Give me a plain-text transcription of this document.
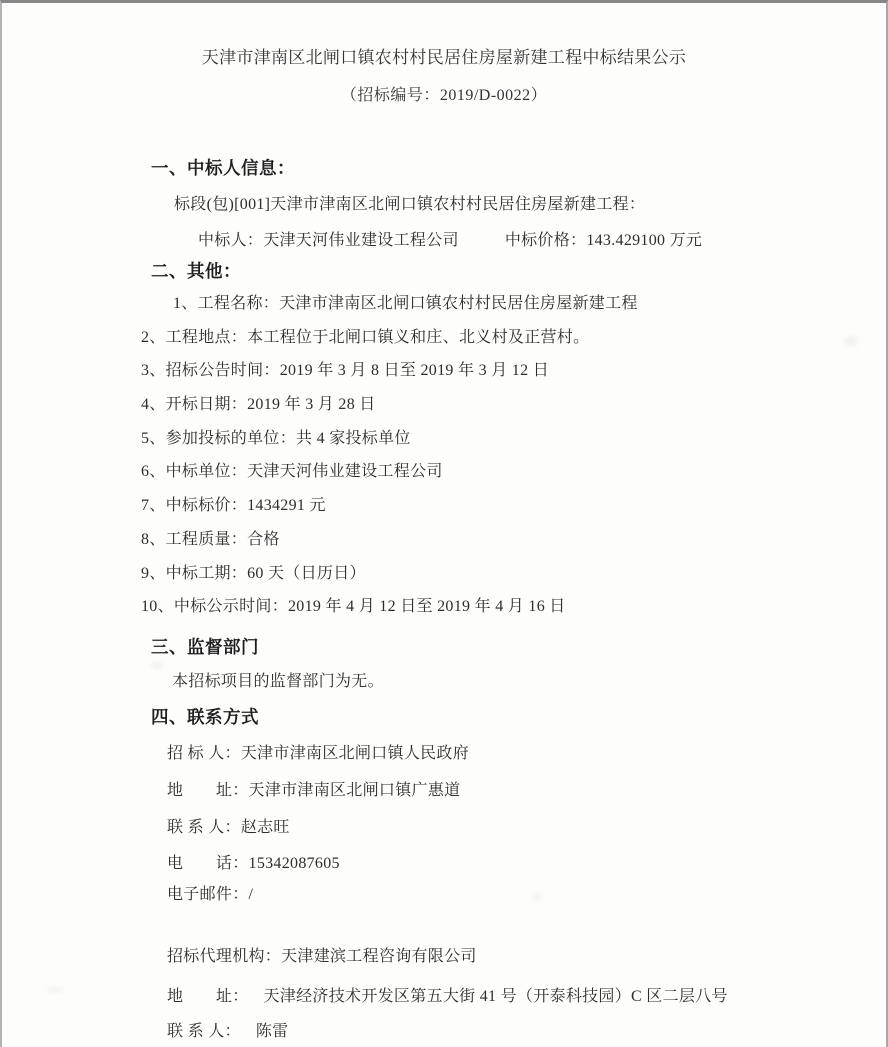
天津市津南区北闸口镇农村村民居住房屋新建工程中标结果公示
（招标编号：2019/D-0022）
一、中标人信息：
标段(包)[001]天津市津南区北闸口镇农村村民居住房屋新建工程：
中标人：天津天河伟业建设工程公司	中标价格：143.429100 万元
二、其他：
1、工程名称：天津市津南区北闸口镇农村村民居住房屋新建工程
2、工程地点：本工程位于北闸口镇义和庄、北义村及正营村。
3、招标公告时间：2019 年 3 月 8 日至 2019 年 3 月 12 日
4、开标日期：2019 年 3 月 28 日
5、参加投标的单位：共 4 家投标单位
6、中标单位：天津天河伟业建设工程公司
7、中标标价：1434291 元
8、工程质量：合格
9、中标工期：60 天（日历日）
10、中标公示时间：2019 年 4 月 12 日至 2019 年 4 月 16 日
三、监督部门
本招标项目的监督部门为无。
四、联系方式
招 标 人：天津市津南区北闸口镇人民政府
地　　址：天津市津南区北闸口镇广惠道
联 系 人：赵志旺
电　　话：15342087605
电子邮件：/
招标代理机构：天津建滨工程咨询有限公司
地　　址： 天津经济技术开发区第五大街 41 号（开泰科技园）C 区二层八号
联 系 人： 陈雷
